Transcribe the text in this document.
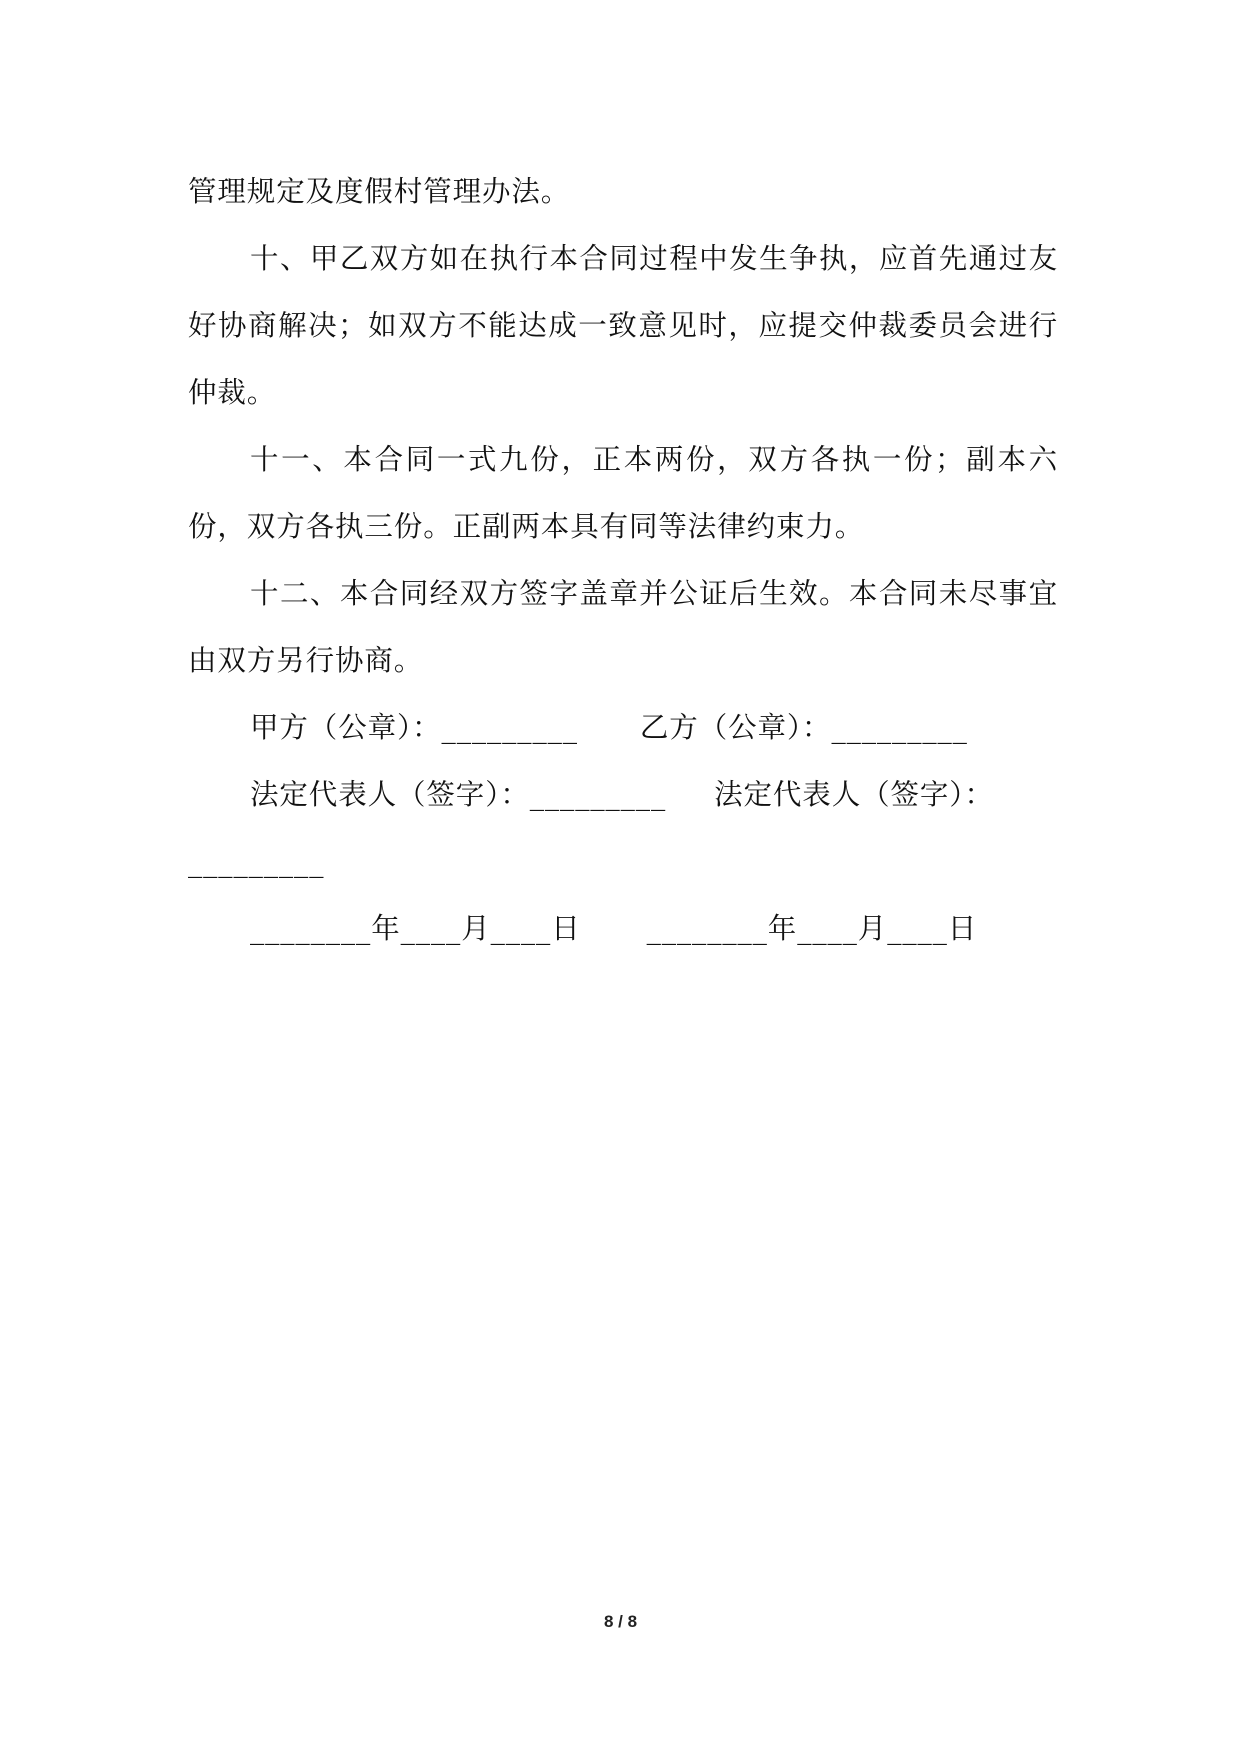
管理规定及度假村管理办法。

十、甲乙双方如在执行本合同过程中发生争执，应首先通过友好协商解决；如双方不能达成一致意见时，应提交仲裁委员会进行仲裁。

十一、本合同一式九份，正本两份，双方各执一份；副本六份，双方各执三份。正副两本具有同等法律约束力。

十二、本合同经双方签字盖章并公证后生效。本合同未尽事宜由双方另行协商。

甲方（公章）：_________ 乙方（公章）：_________

法定代表人（签字）：_________ 法定代表人（签字）：

_________

________年____月____日 ________年____月____日

8 / 8
